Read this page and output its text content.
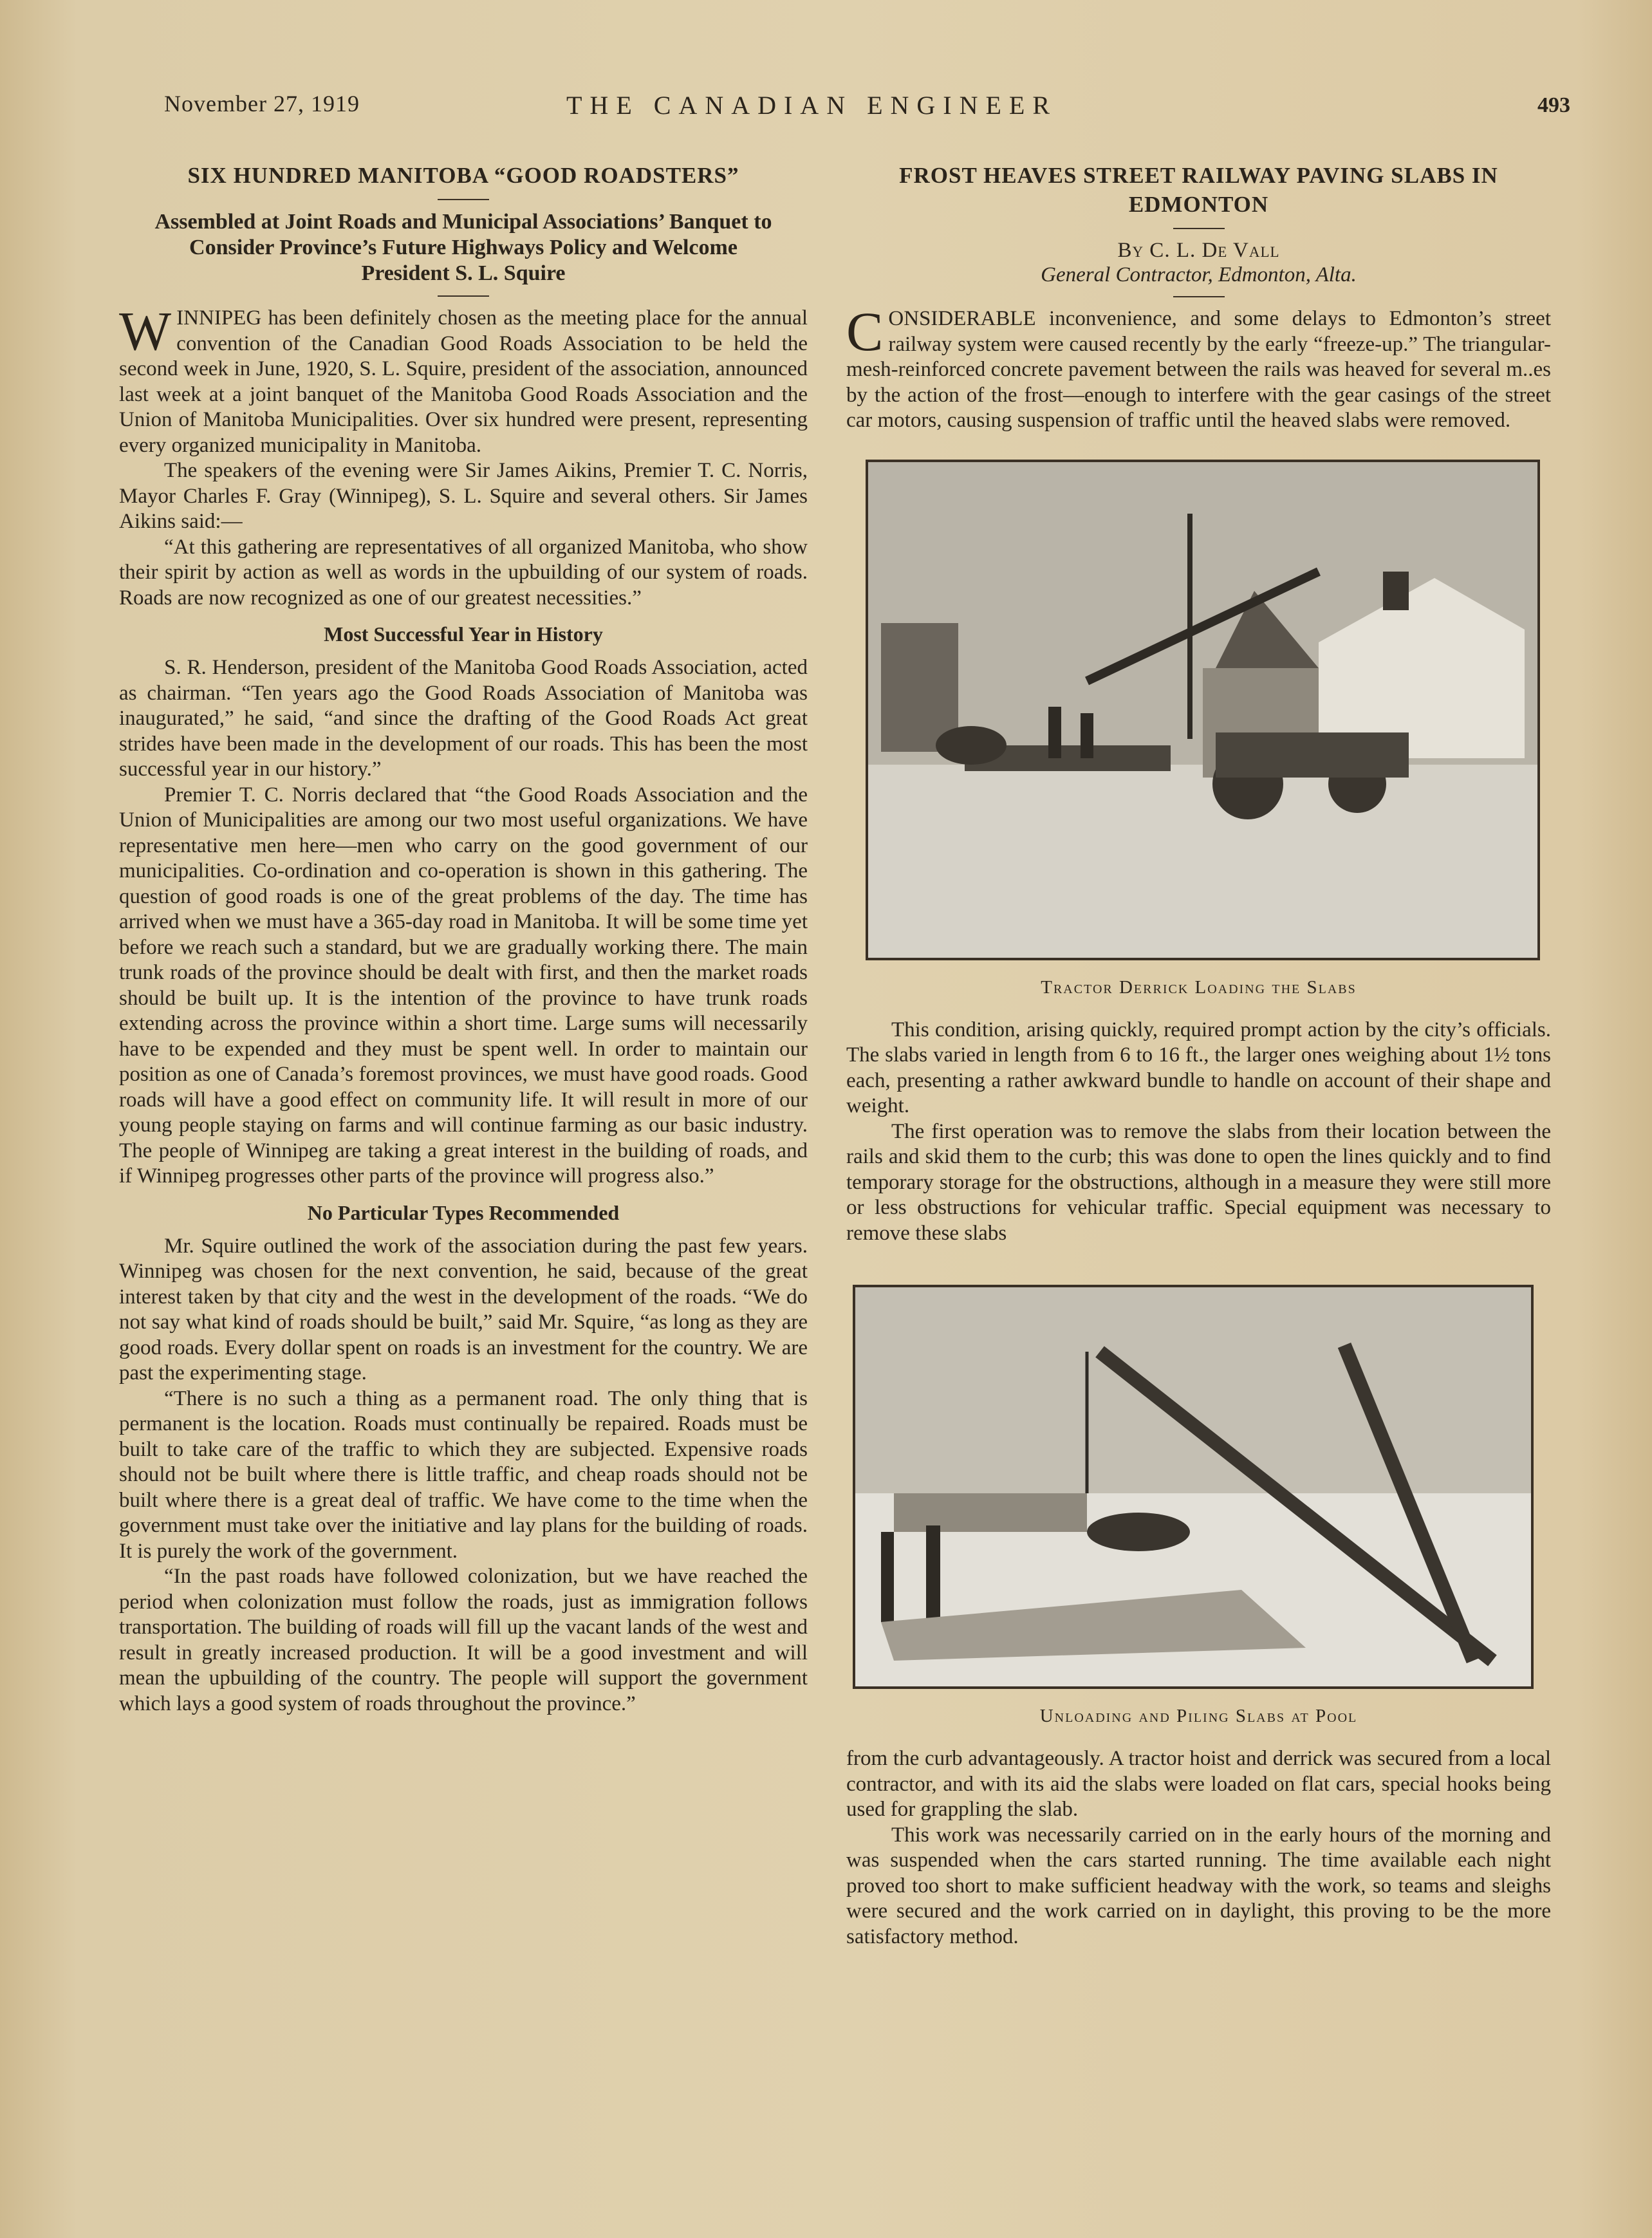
November 27, 1919	THE CANADIAN ENGINEER	493
SIX HUNDRED MANITOBA “GOOD ROADSTERS”
Assembled at Joint Roads and Municipal Associations’ Banquet to Consider Province’s Future Highways Policy and Welcome President S. L. Squire

WINNIPEG has been definitely chosen as the meeting place for the annual convention of the Canadian Good Roads Association to be held the second week in June, 1920, S. L. Squire, president of the association, announced last week at a joint banquet of the Manitoba Good Roads Association and the Union of Manitoba Municipalities. Over six hundred were present, representing every organized municipality in Manitoba.

The speakers of the evening were Sir James Aikins, Premier T. C. Norris, Mayor Charles F. Gray (Winnipeg), S. L. Squire and several others. Sir James Aikins said:—

“At this gathering are representatives of all organized Manitoba, who show their spirit by action as well as words in the upbuilding of our system of roads. Roads are now recognized as one of our greatest necessities.”

Most Successful Year in History

S. R. Henderson, president of the Manitoba Good Roads Association, acted as chairman. “Ten years ago the Good Roads Association of Manitoba was inaugurated,” he said, “and since the drafting of the Good Roads Act great strides have been made in the development of our roads. This has been the most successful year in our history.”

Premier T. C. Norris declared that “the Good Roads Association and the Union of Municipalities are among our two most useful organizations. We have representative men here—men who carry on the good government of our municipalities. Co-ordination and co-operation is shown in this gathering. The question of good roads is one of the great problems of the day. The time has arrived when we must have a 365-day road in Manitoba. It will be some time yet before we reach such a standard, but we are gradually working there. The main trunk roads of the province should be dealt with first, and then the market roads should be built up. It is the intention of the province to have trunk roads extending across the province within a short time. Large sums will necessarily have to be expended and they must be spent well. In order to maintain our position as one of Canada’s foremost provinces, we must have good roads. Good roads will have a good effect on community life. It will result in more of our young people staying on farms and will continue farming as our basic industry. The people of Winnipeg are taking a great interest in the building of roads, and if Winnipeg progresses other parts of the province will progress also.”

No Particular Types Recommended

Mr. Squire outlined the work of the association during the past few years. Winnipeg was chosen for the next convention, he said, because of the great interest taken by that city and the west in the development of the roads. “We do not say what kind of roads should be built,” said Mr. Squire, “as long as they are good roads. Every dollar spent on roads is an investment for the country. We are past the experimenting stage.

“There is no such a thing as a permanent road. The only thing that is permanent is the location. Roads must continually be repaired. Roads must be built to take care of the traffic to which they are subjected. Expensive roads should not be built where there is little traffic, and cheap roads should not be built where there is a great deal of traffic. We have come to the time when the government must take over the initiative and lay plans for the building of roads. It is purely the work of the government.

“In the past roads have followed colonization, but we have reached the period when colonization must follow the roads, just as immigration follows transportation. The building of roads will fill up the vacant lands of the west and result in greatly increased production. It will be a good investment and will mean the upbuilding of the country. The people will support the government which lays a good system of roads throughout the province.”

FROST HEAVES STREET RAILWAY PAVING SLABS IN EDMONTON
By C. L. De Vall
General Contractor, Edmonton, Alta.

CONSIDERABLE inconvenience, and some delays to Edmonton’s street railway system were caused recently by the early “freeze-up.” The triangular-mesh-reinforced concrete pavement between the rails was heaved for several m..es by the action of the frost—enough to interfere with the gear casings of the street car motors, causing suspension of traffic until the heaved slabs were removed.

Tractor Derrick Loading the Slabs

This condition, arising quickly, required prompt action by the city’s officials. The slabs varied in length from 6 to 16 ft., the larger ones weighing about 1½ tons each, presenting a rather awkward bundle to handle on account of their shape and weight.

The first operation was to remove the slabs from their location between the rails and skid them to the curb; this was done to open the lines quickly and to find temporary storage for the obstructions, although in a measure they were still more or less obstructions for vehicular traffic. Special equipment was necessary to remove these slabs

Unloading and Piling Slabs at Pool

from the curb advantageously. A tractor hoist and derrick was secured from a local contractor, and with its aid the slabs were loaded on flat cars, special hooks being used for grappling the slab.

This work was necessarily carried on in the early hours of the morning and was suspended when the cars started running. The time available each night proved too short to make sufficient headway with the work, so teams and sleighs were secured and the work carried on in daylight, this proving to be the more satisfactory method.
